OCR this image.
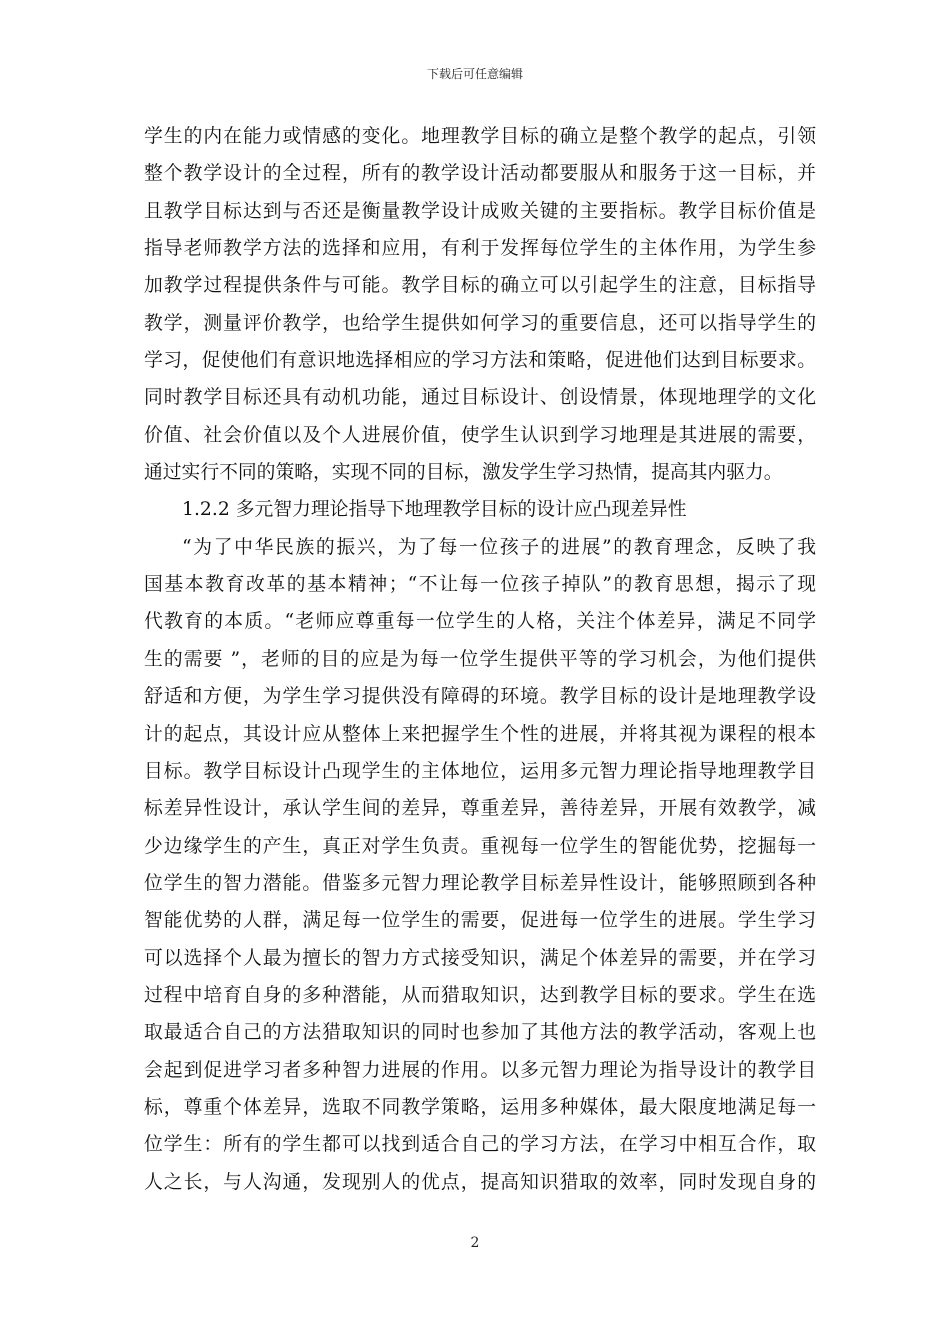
下载后可任意编辑
学生的内在能力或情感的变化。地理教学目标的确立是整个教学的起点，引领
整个教学设计的全过程，所有的教学设计活动都要服从和服务于这一目标，并
且教学目标达到与否还是衡量教学设计成败关键的主要指标。教学目标价值是
指导老师教学方法的选择和应用，有利于发挥每位学生的主体作用，为学生参
加教学过程提供条件与可能。教学目标的确立可以引起学生的注意，目标指导
教学，测量评价教学，也给学生提供如何学习的重要信息，还可以指导学生的
学习，促使他们有意识地选择相应的学习方法和策略，促进他们达到目标要求。
同时教学目标还具有动机功能，通过目标设计、创设情景，体现地理学的文化
价值、社会价值以及个人进展价值，使学生认识到学习地理是其进展的需要，
通过实行不同的策略，实现不同的目标，激发学生学习热情，提高其内驱力。
1.2.2 多元智力理论指导下地理教学目标的设计应凸现差异性
“为了中华民族的振兴，为了每一位孩子的进展”的教育理念，反映了我
国基本教育改革的基本精神；“不让每一位孩子掉队”的教育思想，揭示了现
代教育的本质。“老师应尊重每一位学生的人格，关注个体差异，满足不同学
生的需要 ”，老师的目的应是为每一位学生提供平等的学习机会，为他们提供
舒适和方便，为学生学习提供没有障碍的环境。教学目标的设计是地理教学设
计的起点，其设计应从整体上来把握学生个性的进展，并将其视为课程的根本
目标。教学目标设计凸现学生的主体地位，运用多元智力理论指导地理教学目
标差异性设计，承认学生间的差异，尊重差异，善待差异，开展有效教学，减
少边缘学生的产生，真正对学生负责。重视每一位学生的智能优势，挖掘每一
位学生的智力潜能。借鉴多元智力理论教学目标差异性设计，能够照顾到各种
智能优势的人群，满足每一位学生的需要，促进每一位学生的进展。学生学习
可以选择个人最为擅长的智力方式接受知识，满足个体差异的需要，并在学习
过程中培育自身的多种潜能，从而猎取知识，达到教学目标的要求。学生在选
取最适合自己的方法猎取知识的同时也参加了其他方法的教学活动，客观上也
会起到促进学习者多种智力进展的作用。以多元智力理论为指导设计的教学目
标，尊重个体差异，选取不同教学策略，运用多种媒体，最大限度地满足每一
位学生：所有的学生都可以找到适合自己的学习方法，在学习中相互合作，取
人之长，与人沟通，发现别人的优点，提高知识猎取的效率，同时发现自身的
2
